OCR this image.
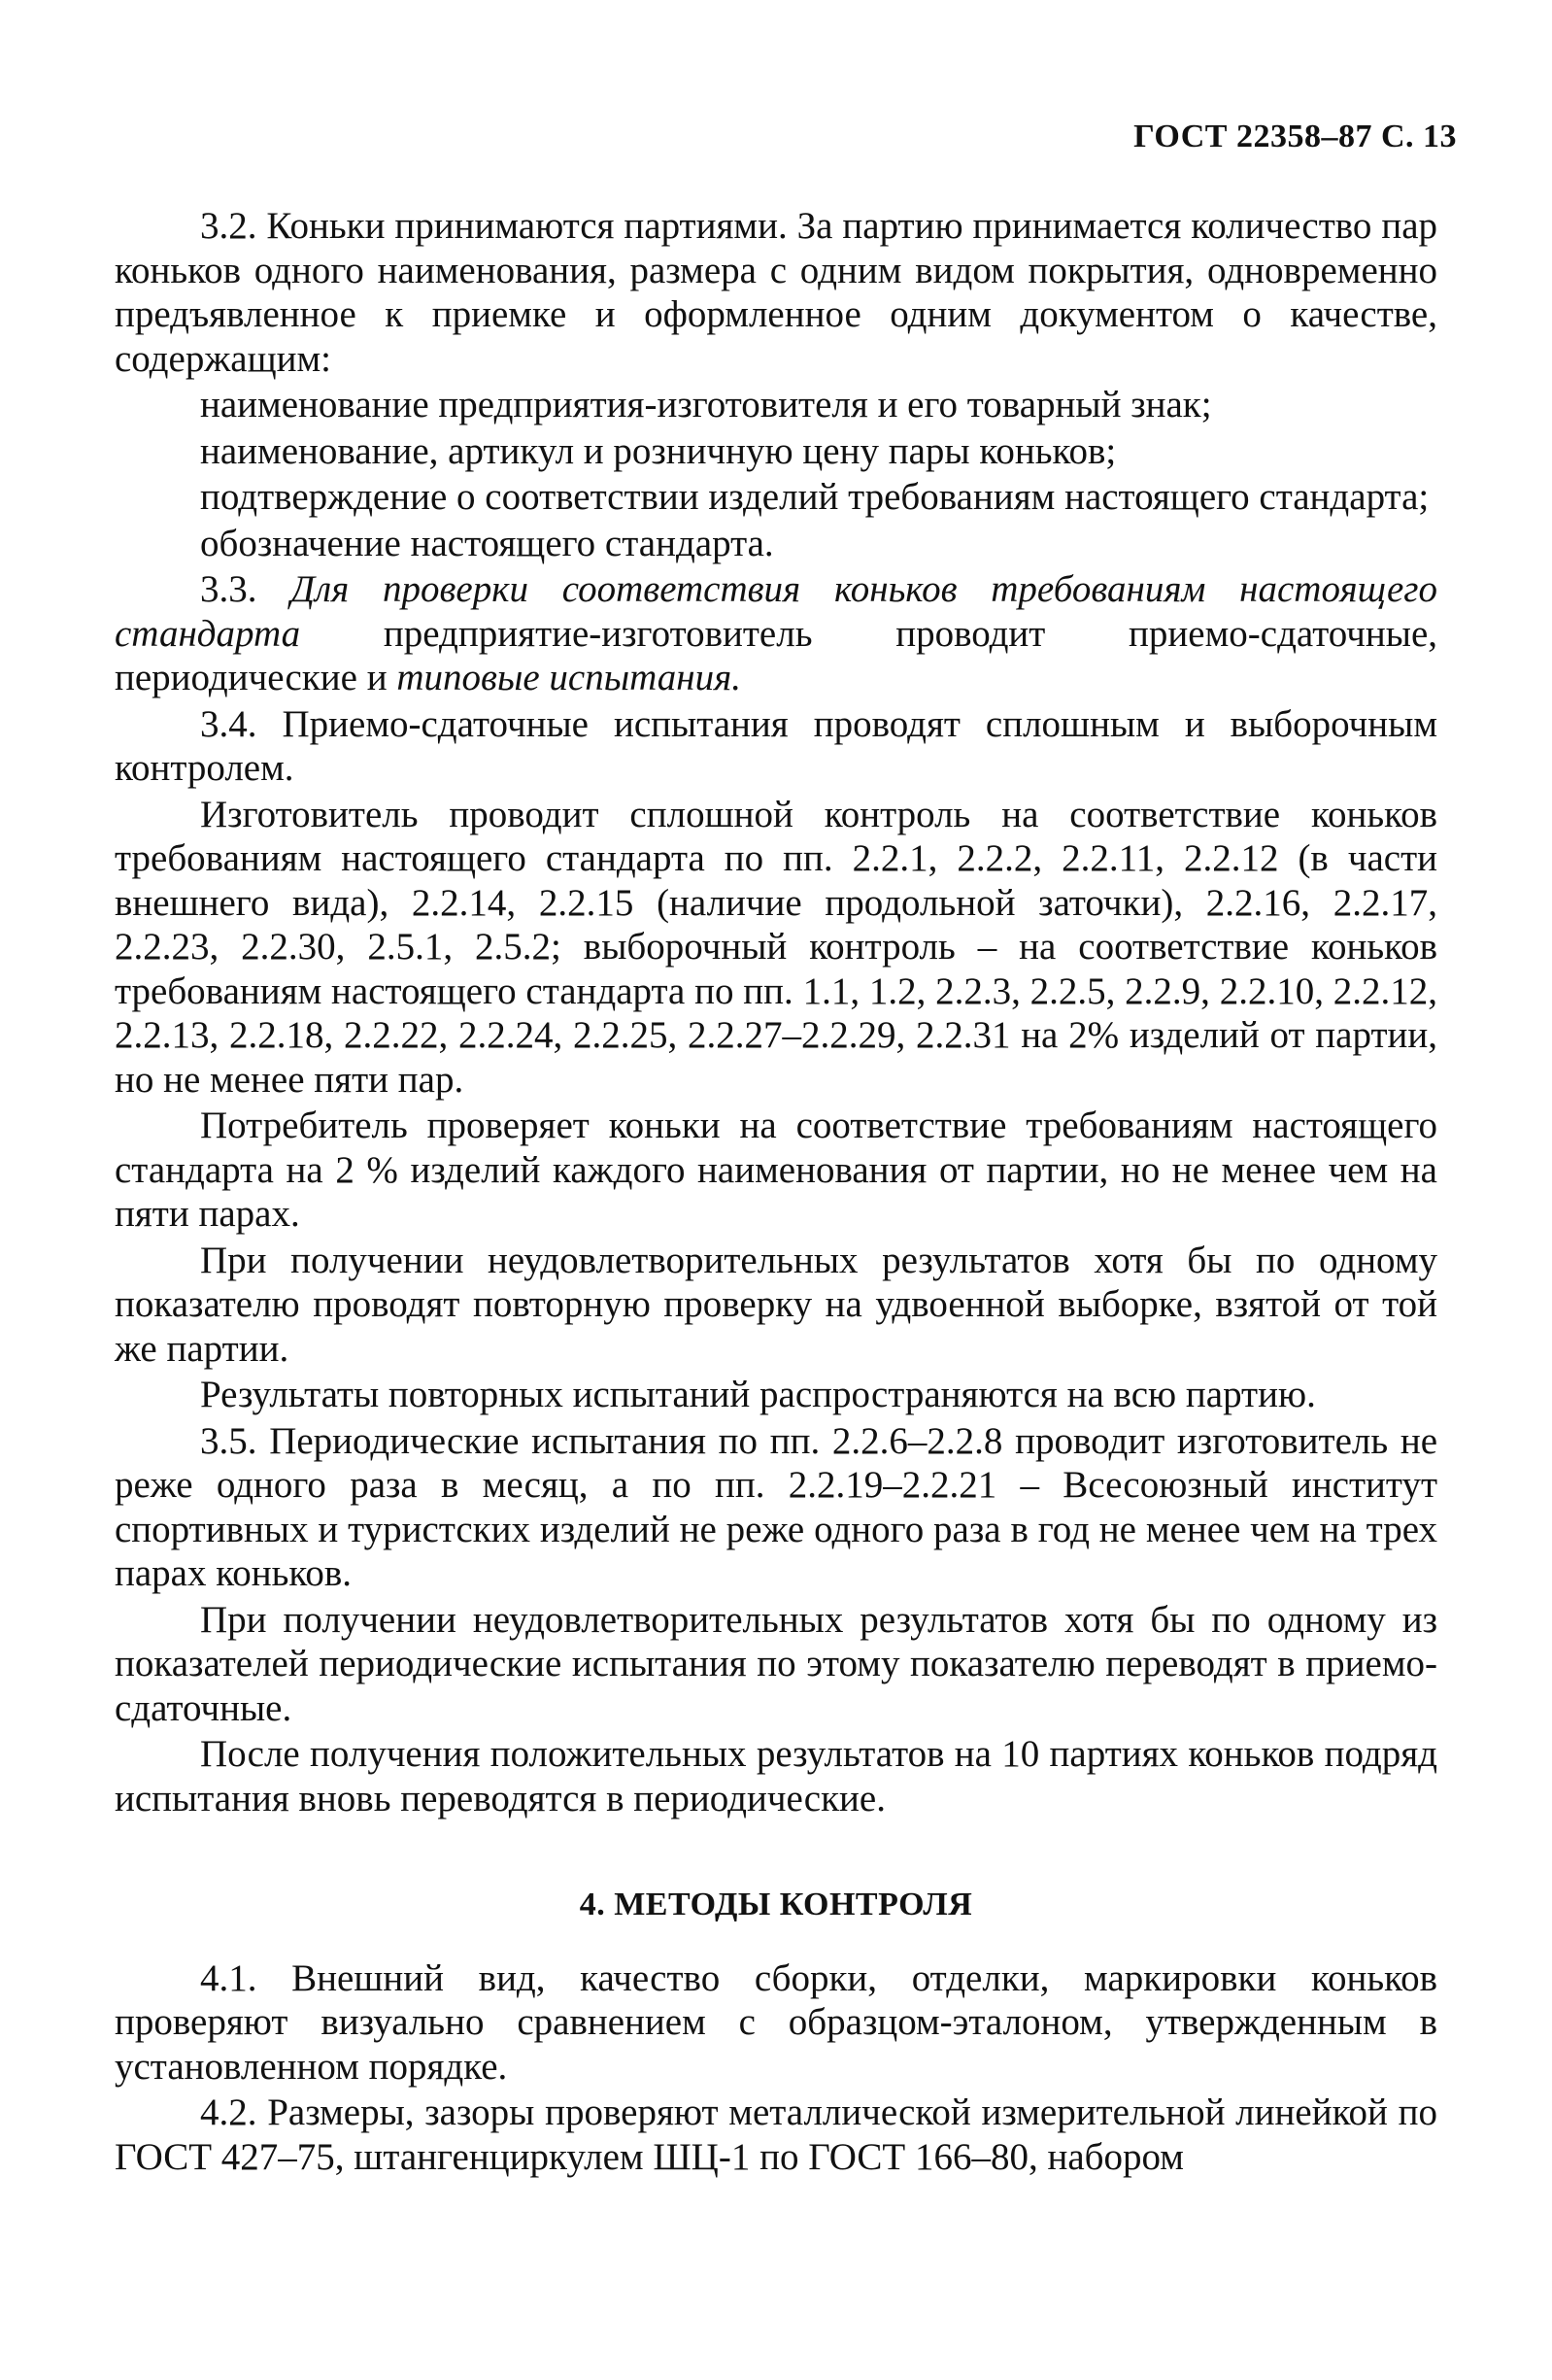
ГОСТ 22358–87 С. 13

3.2. Коньки принимаются партиями. За партию принимается количество пар коньков одного наименования, размера с одним видом покрытия, одновременно предъявленное к приемке и оформленное одним документом о качестве, содержащим:

наименование предприятия-изготовителя и его товарный знак;

наименование, артикул и розничную цену пары коньков;

подтверждение о соответствии изделий требованиям настоящего стандарта;

обозначение настоящего стандарта.

3.3. Для проверки соответствия коньков требованиям настоящего стандарта предприятие-изготовитель проводит приемо-сдаточные, периодические и типовые испытания.

3.4. Приемо-сдаточные испытания проводят сплошным и выборочным контролем.

Изготовитель проводит сплошной контроль на соответствие коньков требованиям настоящего стандарта по пп. 2.2.1, 2.2.2, 2.2.11, 2.2.12 (в части внешнего вида), 2.2.14, 2.2.15 (наличие продольной заточки), 2.2.16, 2.2.17, 2.2.23, 2.2.30, 2.5.1, 2.5.2; выборочный контроль – на соответствие коньков требованиям настоящего стандарта по пп. 1.1, 1.2, 2.2.3, 2.2.5, 2.2.9, 2.2.10, 2.2.12, 2.2.13, 2.2.18, 2.2.22, 2.2.24, 2.2.25, 2.2.27–2.2.29, 2.2.31 на 2% изделий от партии, но не менее пяти пар.

Потребитель проверяет коньки на соответствие требованиям настоящего стандарта на 2 % изделий каждого наименования от партии, но не менее чем на пяти парах.

При получении неудовлетворительных результатов хотя бы по одному показателю проводят повторную проверку на удвоенной выборке, взятой от той же партии.

Результаты повторных испытаний распространяются на всю партию.

3.5. Периодические испытания по пп. 2.2.6–2.2.8 проводит изготовитель не реже одного раза в месяц, а по пп. 2.2.19–2.2.21 – Всесоюзный институт спортивных и туристских изделий не реже одного раза в год не менее чем на трех парах коньков.

При получении неудовлетворительных результатов хотя бы по одному из показателей периодические испытания по этому показателю переводят в приемо-сдаточные.

После получения положительных результатов на 10 партиях коньков подряд испытания вновь переводятся в периодические.

4. МЕТОДЫ КОНТРОЛЯ

4.1. Внешний вид, качество сборки, отделки, маркировки коньков проверяют визуально сравнением с образцом-эталоном, утвержденным в установленном порядке.

4.2. Размеры, зазоры проверяют металлической измерительной линейкой по ГОСТ 427–75, штангенциркулем ШЦ-1 по ГОСТ 166–80, набором
